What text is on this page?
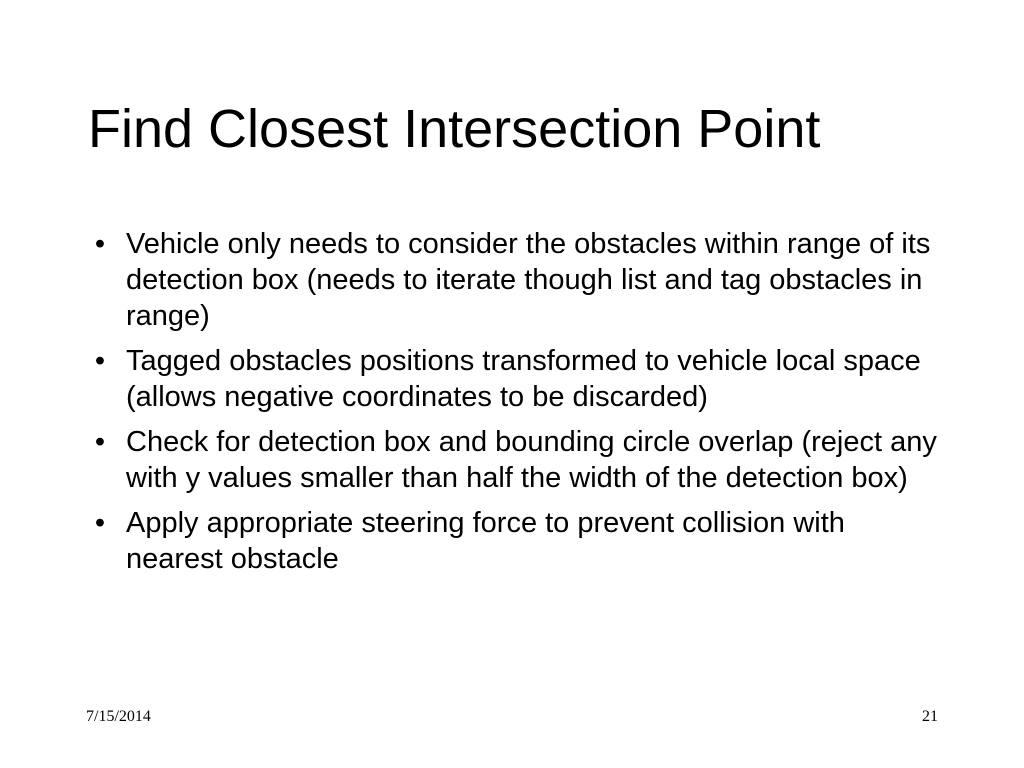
Find Closest Intersection Point
• Vehicle only needs to consider the obstacles within range of its detection box (needs to iterate though list and tag obstacles in range)
• Tagged obstacles positions transformed to vehicle local space (allows negative coordinates to be discarded)
• Check for detection box and bounding circle overlap (reject any with y values smaller than half the width of the detection box)
• Apply appropriate steering force to prevent collision with nearest obstacle
7/15/2014	21
